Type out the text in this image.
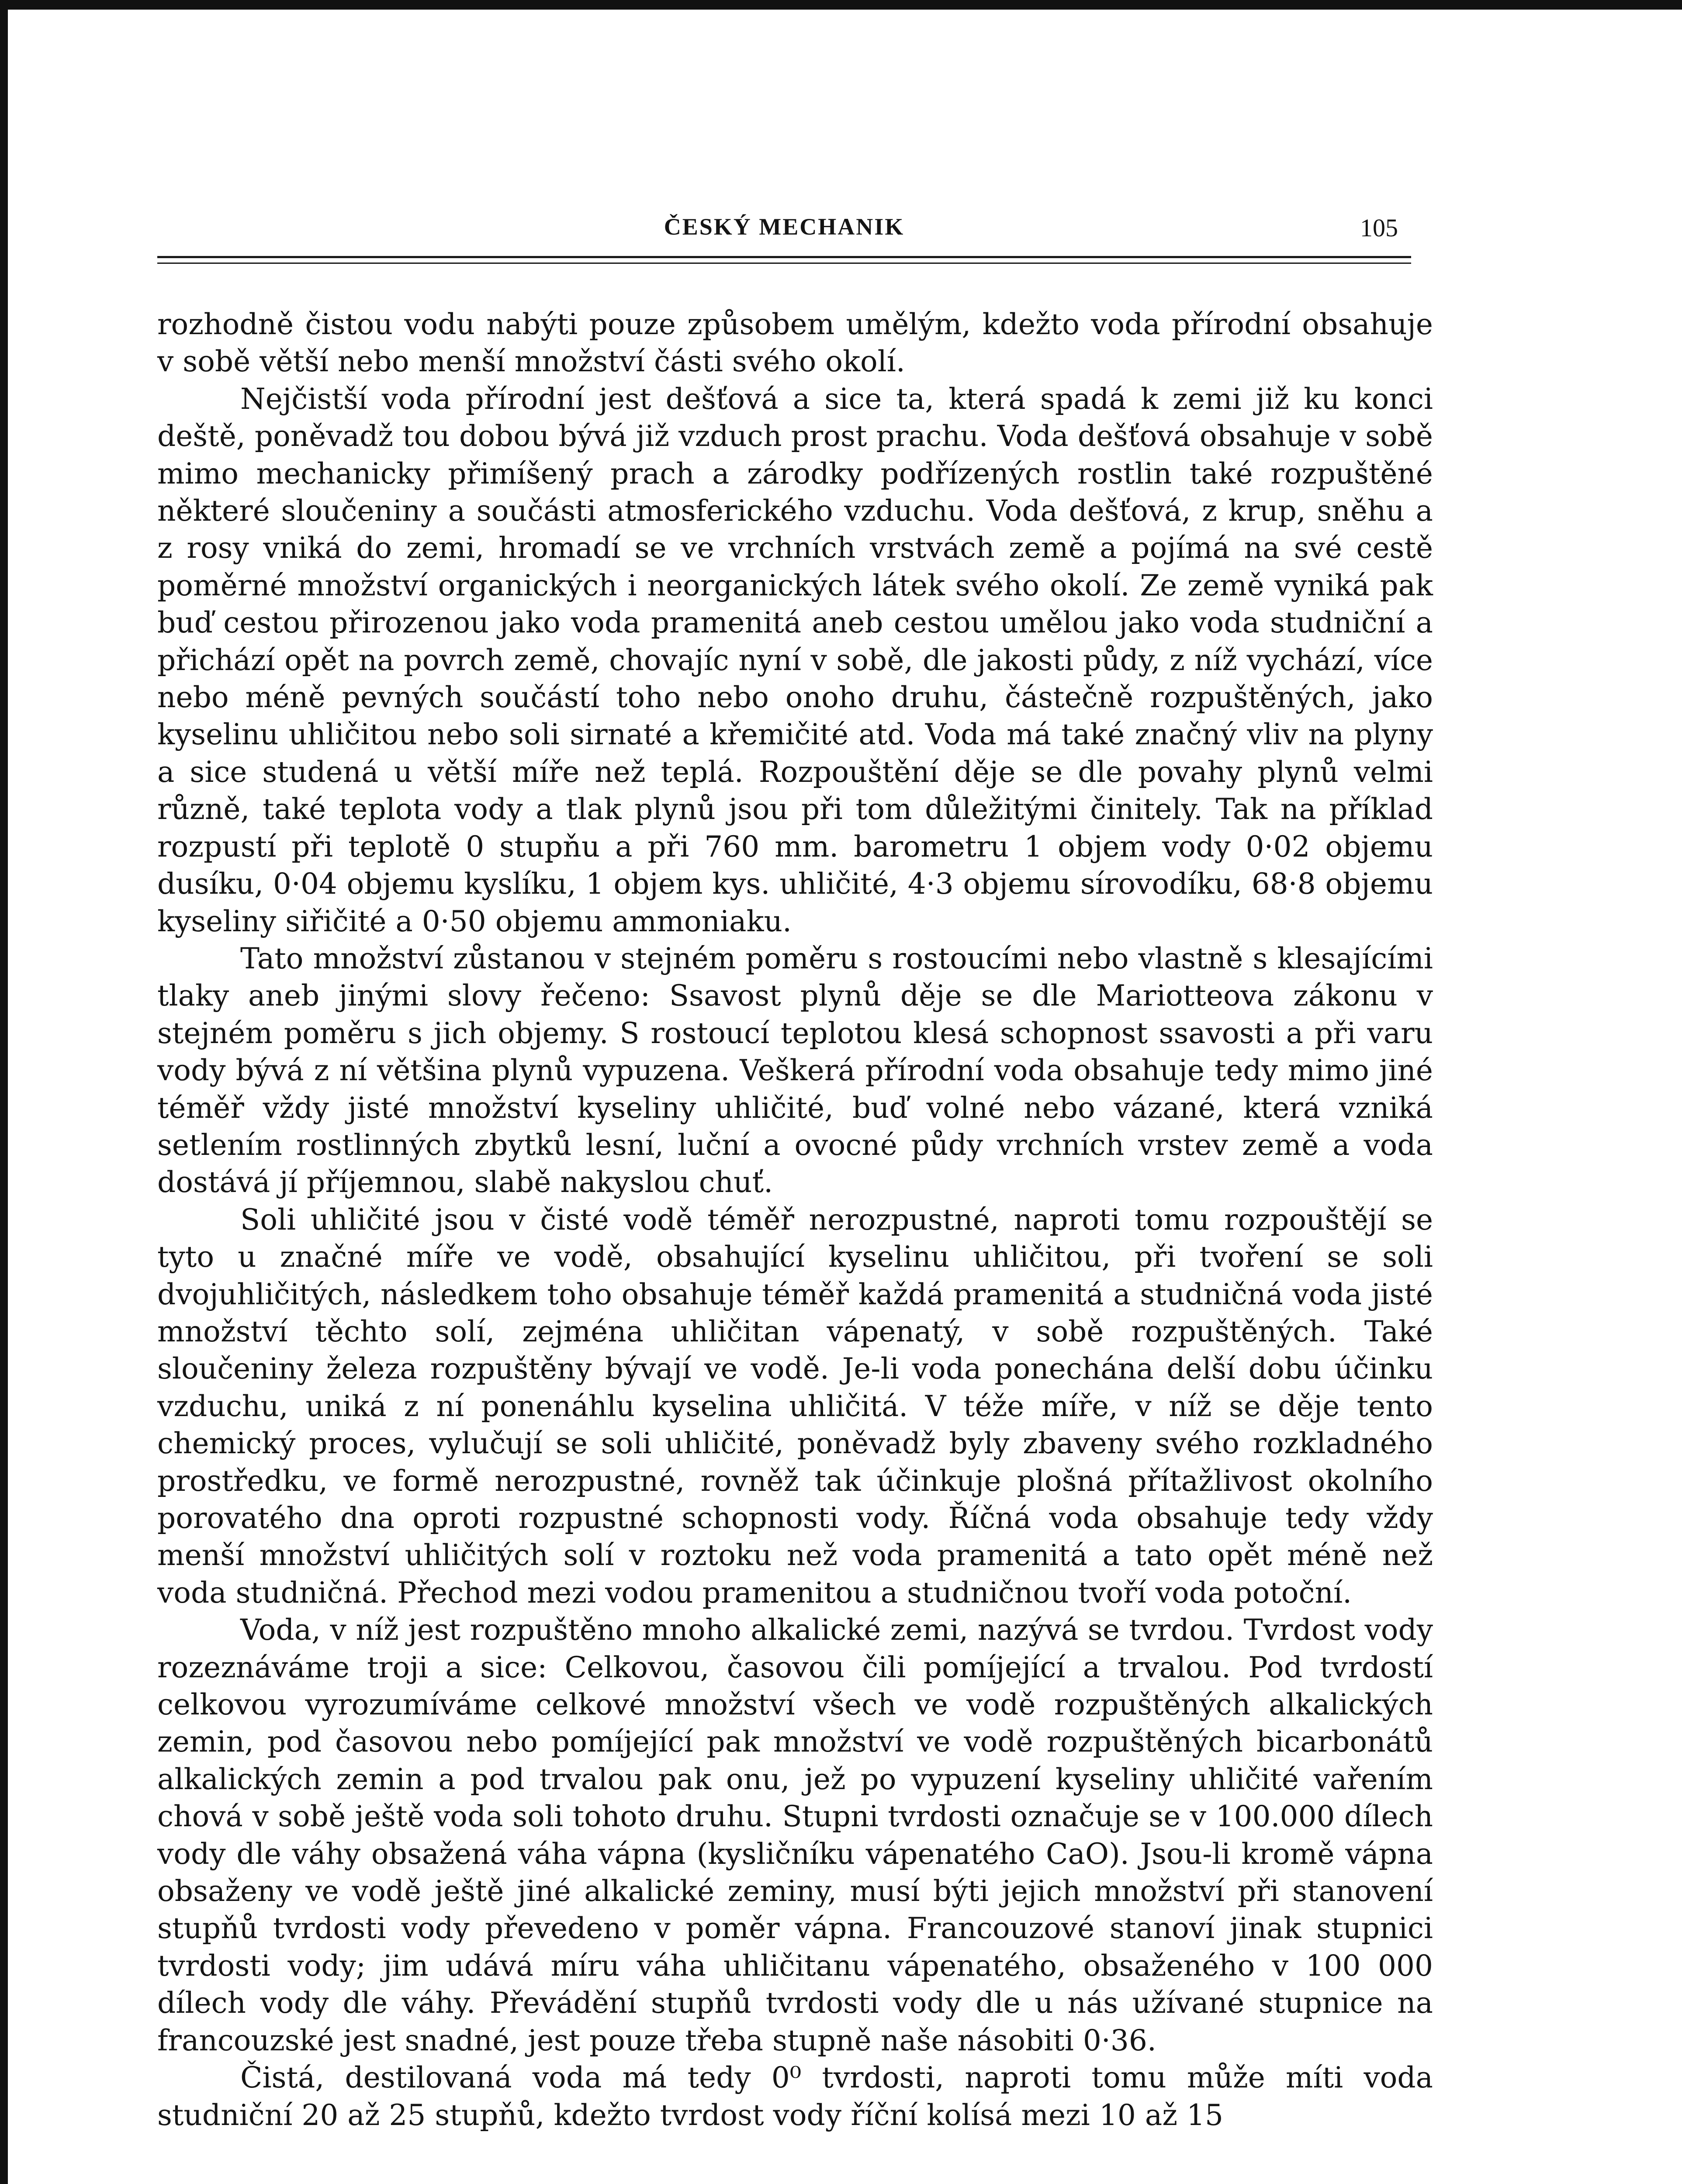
ČESKÝ MECHANIK	105

rozhodně čistou vodu nabýti pouze způsobem umělým, kdežto voda přírodní obsahuje v sobě větší nebo menší množství části svého okolí.

Nejčistší voda přírodní jest dešťová a sice ta, která spadá k zemi již ku konci deště, poněvadž tou dobou bývá již vzduch prost prachu. Voda dešťová obsahuje v sobě mimo mechanicky přimíšený prach a zárodky podřízených rostlin také rozpuštěné některé sloučeniny a součásti atmosferického vzduchu. Voda dešťová, z krup, sněhu a z rosy vniká do zemi, hromadí se ve vrchních vrstvách země a pojímá na své cestě poměrné množství organických i neorganických látek svého okolí. Ze země vyniká pak buď cestou přirozenou jako voda pramenitá aneb cestou umělou jako voda studniční a přichází opět na povrch země, chovajíc nyní v sobě, dle jakosti půdy, z níž vychází, více nebo méně pevných součástí toho nebo onoho druhu, částečně rozpuštěných, jako kyselinu uhličitou nebo soli sirnaté a křemičité atd. Voda má také značný vliv na plyny a sice studená u větší míře než teplá. Rozpouštění děje se dle povahy plynů velmi různě, také teplota vody a tlak plynů jsou při tom důležitými činitely. Tak na příklad rozpustí při teplotě 0 stupňu a při 760 mm. barometru 1 objem vody 0·02 objemu dusíku, 0·04 objemu kyslíku, 1 objem kys. uhličité, 4·3 objemu sírovodíku, 68·8 objemu kyseliny siřičité a 0·50 objemu ammoniaku.

Tato množství zůstanou v stejném poměru s rostoucími nebo vlastně s klesajícími tlaky aneb jinými slovy řečeno: Ssavost plynů děje se dle Mariotteova zákonu v stejném poměru s jich objemy. S rostoucí teplotou klesá schopnost ssavosti a při varu vody bývá z ní většina plynů vypuzena. Veškerá přírodní voda obsahuje tedy mimo jiné téměř vždy jisté množství kyseliny uhličité, buď volné nebo vázané, která vzniká setlením rostlinných zbytků lesní, luční a ovocné půdy vrchních vrstev země a voda dostává jí příjemnou, slabě nakyslou chuť.

Soli uhličité jsou v čisté vodě téměř nerozpustné, naproti tomu rozpouštějí se tyto u značné míře ve vodě, obsahující kyselinu uhličitou, při tvoření se soli dvojuhličitých, následkem toho obsahuje téměř každá pramenitá a studničná voda jisté množství těchto solí, zejména uhličitan vápenatý, v sobě rozpuštěných. Také sloučeniny železa rozpuštěny bývají ve vodě. Je-li voda ponechána delší dobu účinku vzduchu, uniká z ní ponenáhlu kyselina uhličitá. V téže míře, v níž se děje tento chemický proces, vylučují se soli uhličité, poněvadž byly zbaveny svého rozkladného prostředku, ve formě nerozpustné, rovněž tak účinkuje plošná přítažlivost okolního porovatého dna oproti rozpustné schopnosti vody. Říčná voda obsahuje tedy vždy menší množství uhličitých solí v roztoku než voda pramenitá a tato opět méně než voda studničná. Přechod mezi vodou pramenitou a studničnou tvoří voda potoční.

Voda, v níž jest rozpuštěno mnoho alkalické zemi, nazývá se tvrdou. Tvrdost vody rozeznáváme troji a sice: Celkovou, časovou čili pomíjející a trvalou. Pod tvrdostí celkovou vyrozumíváme celkové množství všech ve vodě rozpuštěných alkalických zemin, pod časovou nebo pomíjející pak množství ve vodě rozpuštěných bicarbonátů alkalických zemin a pod trvalou pak onu, jež po vypuzení kyseliny uhličité vařením chová v sobě ještě voda soli tohoto druhu. Stupni tvrdosti označuje se v 100.000 dílech vody dle váhy obsažená váha vápna (kysličníku vápenatého CaO). Jsou-li kromě vápna obsaženy ve vodě ještě jiné alkalické zeminy, musí býti jejich množství při stanovení stupňů tvrdosti vody převedeno v poměr vápna. Francouzové stanoví jinak stupnici tvrdosti vody; jim udává míru váha uhličitanu vápenatého, obsaženého v 100 000 dílech vody dle váhy. Převádění stupňů tvrdosti vody dle u nás užívané stupnice na francouzské jest snadné, jest pouze třeba stupně naše násobiti 0·36.

Čistá, destilovaná voda má tedy 0⁰ tvrdosti, naproti tomu může míti voda studniční 20 až 25 stupňů, kdežto tvrdost vody říční kolísá mezi 10 až 15
